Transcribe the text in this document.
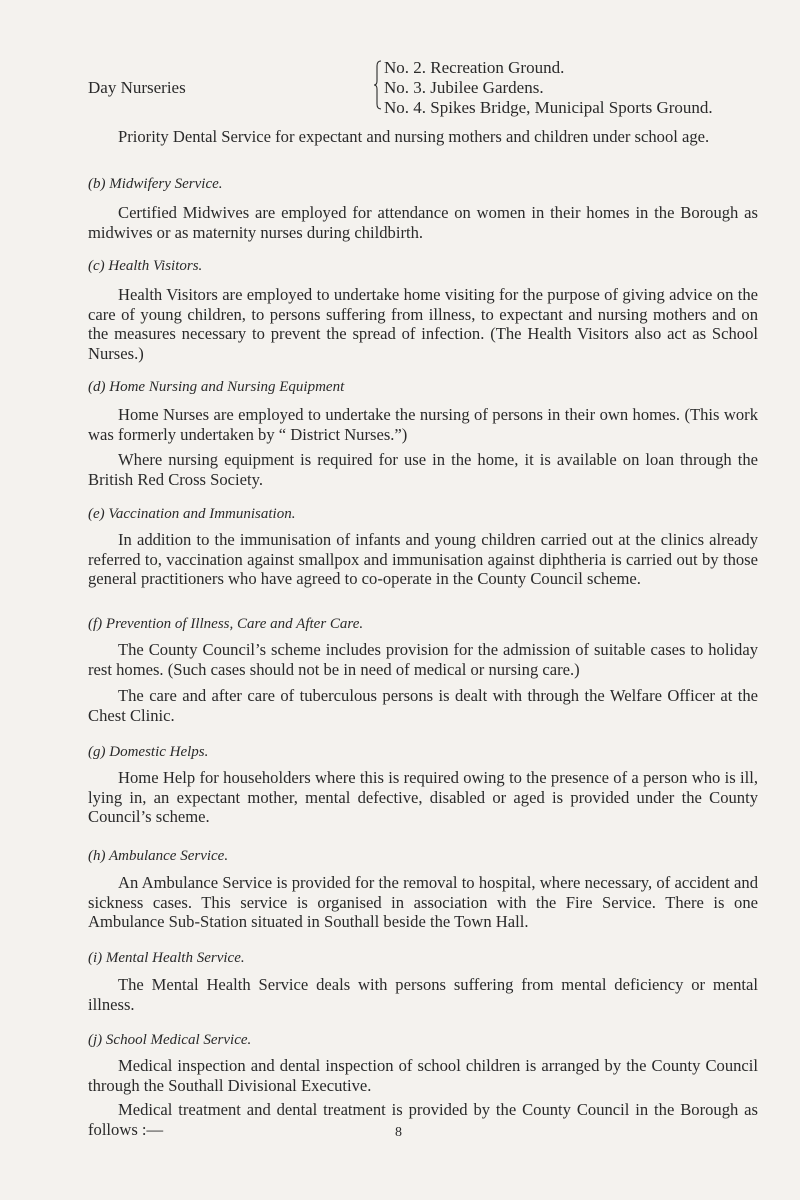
Day Nurseries
No. 2. Recreation Ground.
No. 3. Jubilee Gardens.
No. 4. Spikes Bridge, Municipal Sports Ground.
Priority Dental Service for expectant and nursing mothers and children under school age.
(b) Midwifery Service.
Certified Midwives are employed for attendance on women in their homes in the Borough as midwives or as maternity nurses during childbirth.
(c) Health Visitors.
Health Visitors are employed to undertake home visiting for the purpose of giving advice on the care of young children, to persons suffering from illness, to expectant and nursing mothers and on the measures necessary to prevent the spread of infection. (The Health Visitors also act as School Nurses.)
(d) Home Nursing and Nursing Equipment
Home Nurses are employed to undertake the nursing of persons in their own homes. (This work was formerly undertaken by “ District Nurses.”)
Where nursing equipment is required for use in the home, it is available on loan through the British Red Cross Society.
(e) Vaccination and Immunisation.
In addition to the immunisation of infants and young children carried out at the clinics already referred to, vaccination against smallpox and immunisation against diphtheria is carried out by those general practitioners who have agreed to co-operate in the County Council scheme.
(f) Prevention of Illness, Care and After Care.
The County Council’s scheme includes provision for the admission of suitable cases to holiday rest homes. (Such cases should not be in need of medical or nursing care.)
The care and after care of tuberculous persons is dealt with through the Welfare Officer at the Chest Clinic.
(g) Domestic Helps.
Home Help for householders where this is required owing to the presence of a person who is ill, lying in, an expectant mother, mental defective, disabled or aged is provided under the County Council’s scheme.
(h) Ambulance Service.
An Ambulance Service is provided for the removal to hospital, where necessary, of accident and sickness cases. This service is organised in association with the Fire Service. There is one Ambulance Sub-Station situated in Southall beside the Town Hall.
(i) Mental Health Service.
The Mental Health Service deals with persons suffering from mental deficiency or mental illness.
(j) School Medical Service.
Medical inspection and dental inspection of school children is arranged by the County Council through the Southall Divisional Executive.
Medical treatment and dental treatment is provided by the County Council in the Borough as follows :—	8
